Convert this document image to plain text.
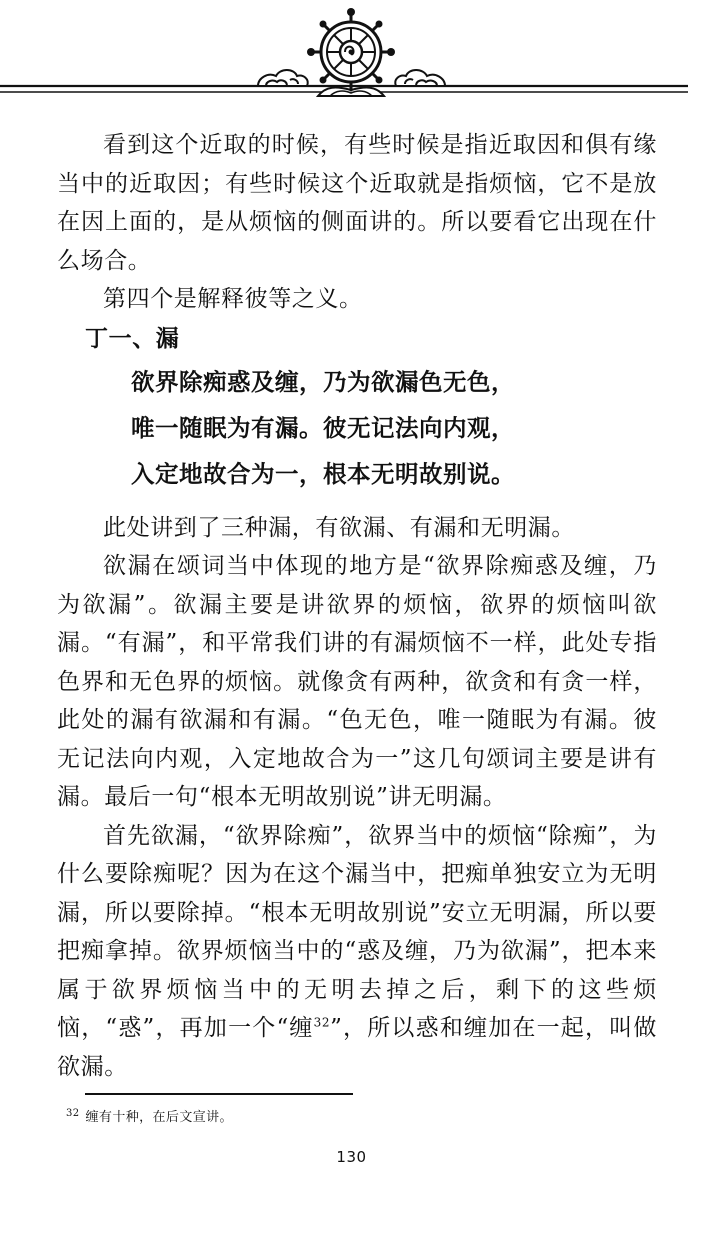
看到这个近取的时候，有些时候是指近取因和俱有缘当中的近取因；有些时候这个近取就是指烦恼，它不是放在因上面的，是从烦恼的侧面讲的。所以要看它出现在什么场合。

第四个是解释彼等之义。

丁一、漏
欲界除痴惑及缠，乃为欲漏色无色，
唯一随眠为有漏。彼无记法向内观，
入定地故合为一，根本无明故别说。

此处讲到了三种漏，有欲漏、有漏和无明漏。

欲漏在颂词当中体现的地方是“欲界除痴惑及缠，乃为欲漏”。欲漏主要是讲欲界的烦恼，欲界的烦恼叫欲漏。“有漏”，和平常我们讲的有漏烦恼不一样，此处专指色界和无色界的烦恼。就像贪有两种，欲贪和有贪一样，此处的漏有欲漏和有漏。“色无色，唯一随眠为有漏。彼无记法向内观，入定地故合为一”这几句颂词主要是讲有漏。最后一句“根本无明故别说”讲无明漏。

首先欲漏，“欲界除痴”，欲界当中的烦恼“除痴”，为什么要除痴呢？因为在这个漏当中，把痴单独安立为无明漏，所以要除掉。“根本无明故别说”安立无明漏，所以要把痴拿掉。欲界烦恼当中的“惑及缠，乃为欲漏”，把本来属于欲界烦恼当中的无明去掉之后，剩下的这些烦恼，“惑”，再加一个“缠$^{32}$”，所以惑和缠加在一起，叫做欲漏。

$^{32}$ 缠有十种，在后文宣讲。
130
